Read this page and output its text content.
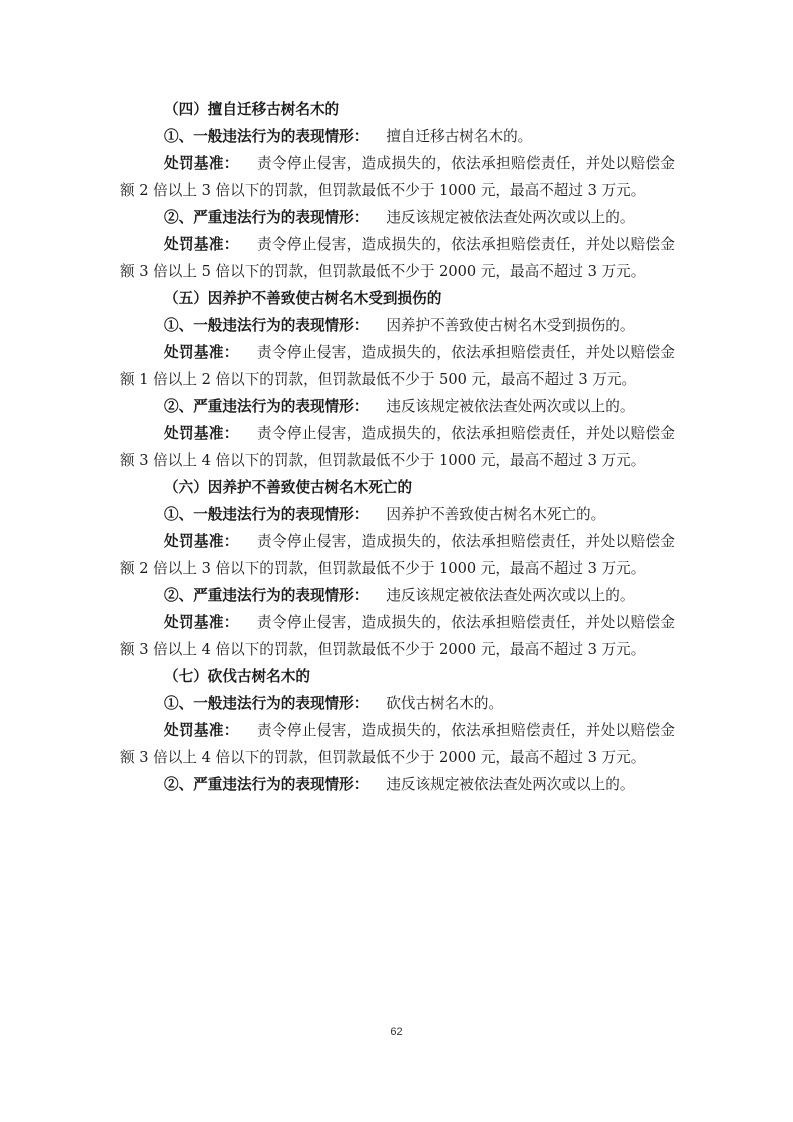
（四）擅自迁移古树名木的

①、一般违法行为的表现情形： 擅自迁移古树名木的。

处罚基准： 责令停止侵害，造成损失的，依法承担赔偿责任，并处以赔偿金额 2 倍以上 3 倍以下的罚款，但罚款最低不少于 1000 元，最高不超过 3 万元。

②、严重违法行为的表现情形： 违反该规定被依法查处两次或以上的。

处罚基准： 责令停止侵害，造成损失的，依法承担赔偿责任，并处以赔偿金额 3 倍以上 5 倍以下的罚款，但罚款最低不少于 2000 元，最高不超过 3 万元。

（五）因养护不善致使古树名木受到损伤的

①、一般违法行为的表现情形： 因养护不善致使古树名木受到损伤的。

处罚基准： 责令停止侵害，造成损失的，依法承担赔偿责任，并处以赔偿金额 1 倍以上 2 倍以下的罚款，但罚款最低不少于 500 元，最高不超过 3 万元。

②、严重违法行为的表现情形： 违反该规定被依法查处两次或以上的。

处罚基准： 责令停止侵害，造成损失的，依法承担赔偿责任，并处以赔偿金额 3 倍以上 4 倍以下的罚款，但罚款最低不少于 1000 元，最高不超过 3 万元。

（六）因养护不善致使古树名木死亡的

①、一般违法行为的表现情形： 因养护不善致使古树名木死亡的。

处罚基准： 责令停止侵害，造成损失的，依法承担赔偿责任，并处以赔偿金额 2 倍以上 3 倍以下的罚款，但罚款最低不少于 1000 元，最高不超过 3 万元。

②、严重违法行为的表现情形： 违反该规定被依法查处两次或以上的。

处罚基准： 责令停止侵害，造成损失的，依法承担赔偿责任，并处以赔偿金额 3 倍以上 4 倍以下的罚款，但罚款最低不少于 2000 元，最高不超过 3 万元。

（七）砍伐古树名木的

①、一般违法行为的表现情形： 砍伐古树名木的。

处罚基准： 责令停止侵害，造成损失的，依法承担赔偿责任，并处以赔偿金额 3 倍以上 4 倍以下的罚款，但罚款最低不少于 2000 元，最高不超过 3 万元。

②、严重违法行为的表现情形： 违反该规定被依法查处两次或以上的。

62
